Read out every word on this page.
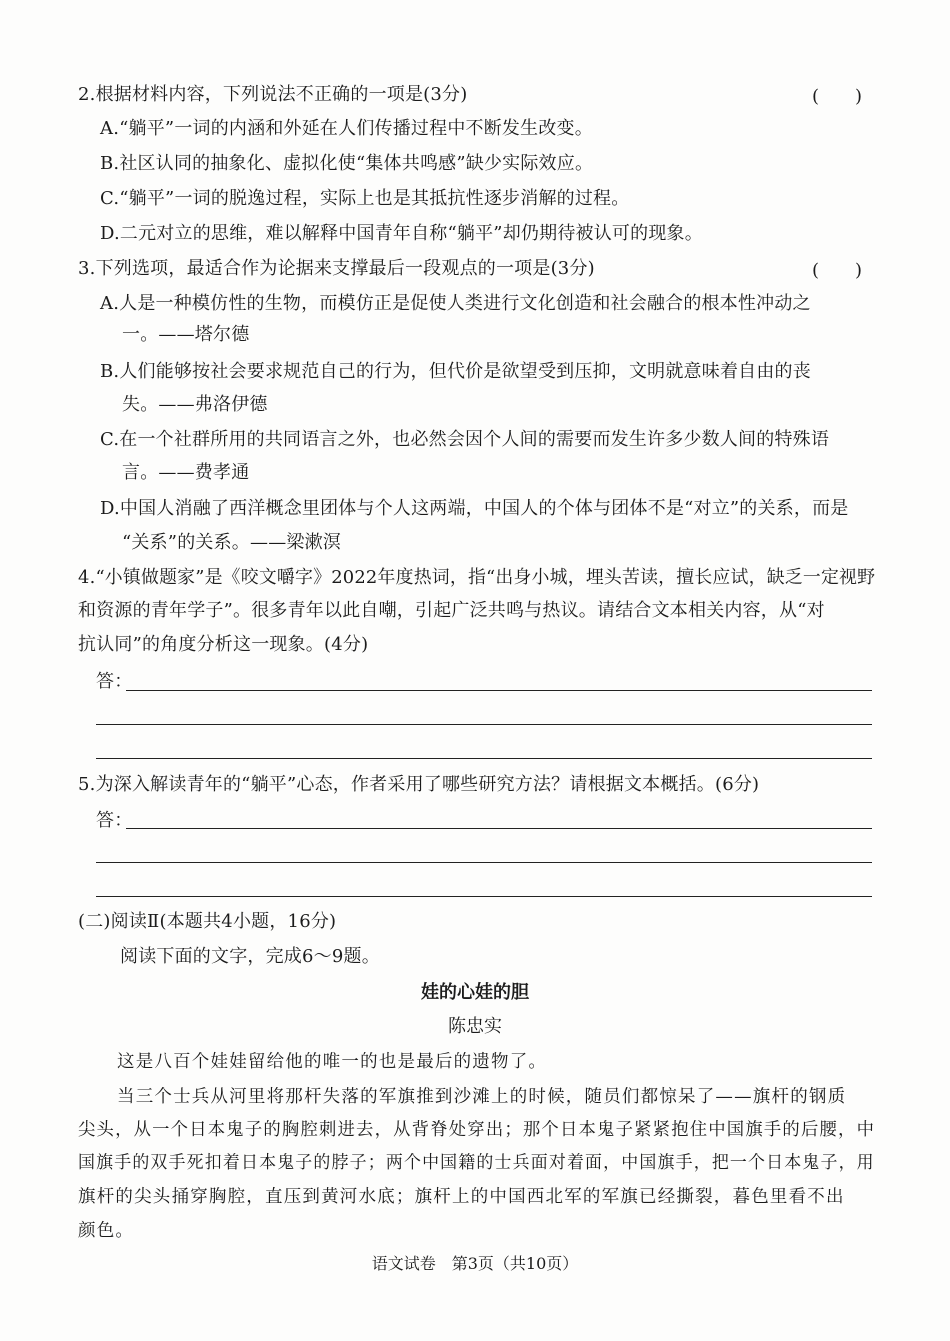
2.根据材料内容，下列说法不正确的一项是(3分)	(　　)
A.“躺平”一词的内涵和外延在人们传播过程中不断发生改变。
B.社区认同的抽象化、虚拟化使“集体共鸣感”缺少实际效应。
C.“躺平”一词的脱逸过程，实际上也是其抵抗性逐步消解的过程。
D.二元对立的思维，难以解释中国青年自称“躺平”却仍期待被认可的现象。
3.下列选项，最适合作为论据来支撑最后一段观点的一项是(3分)	(　　)
A.人是一种模仿性的生物，而模仿正是促使人类进行文化创造和社会融合的根本性冲动之
一。——塔尔德
B.人们能够按社会要求规范自己的行为，但代价是欲望受到压抑，文明就意味着自由的丧
失。——弗洛伊德
C.在一个社群所用的共同语言之外，也必然会因个人间的需要而发生许多少数人间的特殊语
言。——费孝通
D.中国人消融了西洋概念里团体与个人这两端，中国人的个体与团体不是“对立”的关系，而是
“关系”的关系。——梁漱溟
4.“小镇做题家”是《咬文嚼字》2022年度热词，指“出身小城，埋头苦读，擅长应试，缺乏一定视野
和资源的青年学子”。很多青年以此自嘲，引起广泛共鸣与热议。请结合文本相关内容，从“对
抗认同”的角度分析这一现象。(4分)
答：
5.为深入解读青年的“躺平”心态，作者采用了哪些研究方法？请根据文本概括。(6分)
答：
(二)阅读Ⅱ(本题共4小题，16分)
阅读下面的文字，完成6～9题。
娃的心娃的胆
陈忠实
这是八百个娃娃留给他的唯一的也是最后的遗物了。
当三个士兵从河里将那杆失落的军旗推到沙滩上的时候，随员们都惊呆了——旗杆的钢质
尖头，从一个日本鬼子的胸腔刺进去，从背脊处穿出；那个日本鬼子紧紧抱住中国旗手的后腰，中
国旗手的双手死扣着日本鬼子的脖子；两个中国籍的士兵面对着面，中国旗手，把一个日本鬼子，用
旗杆的尖头捅穿胸腔，直压到黄河水底；旗杆上的中国西北军的军旗已经撕裂，暮色里看不出
颜色。
语文试卷　第3页（共10页）
